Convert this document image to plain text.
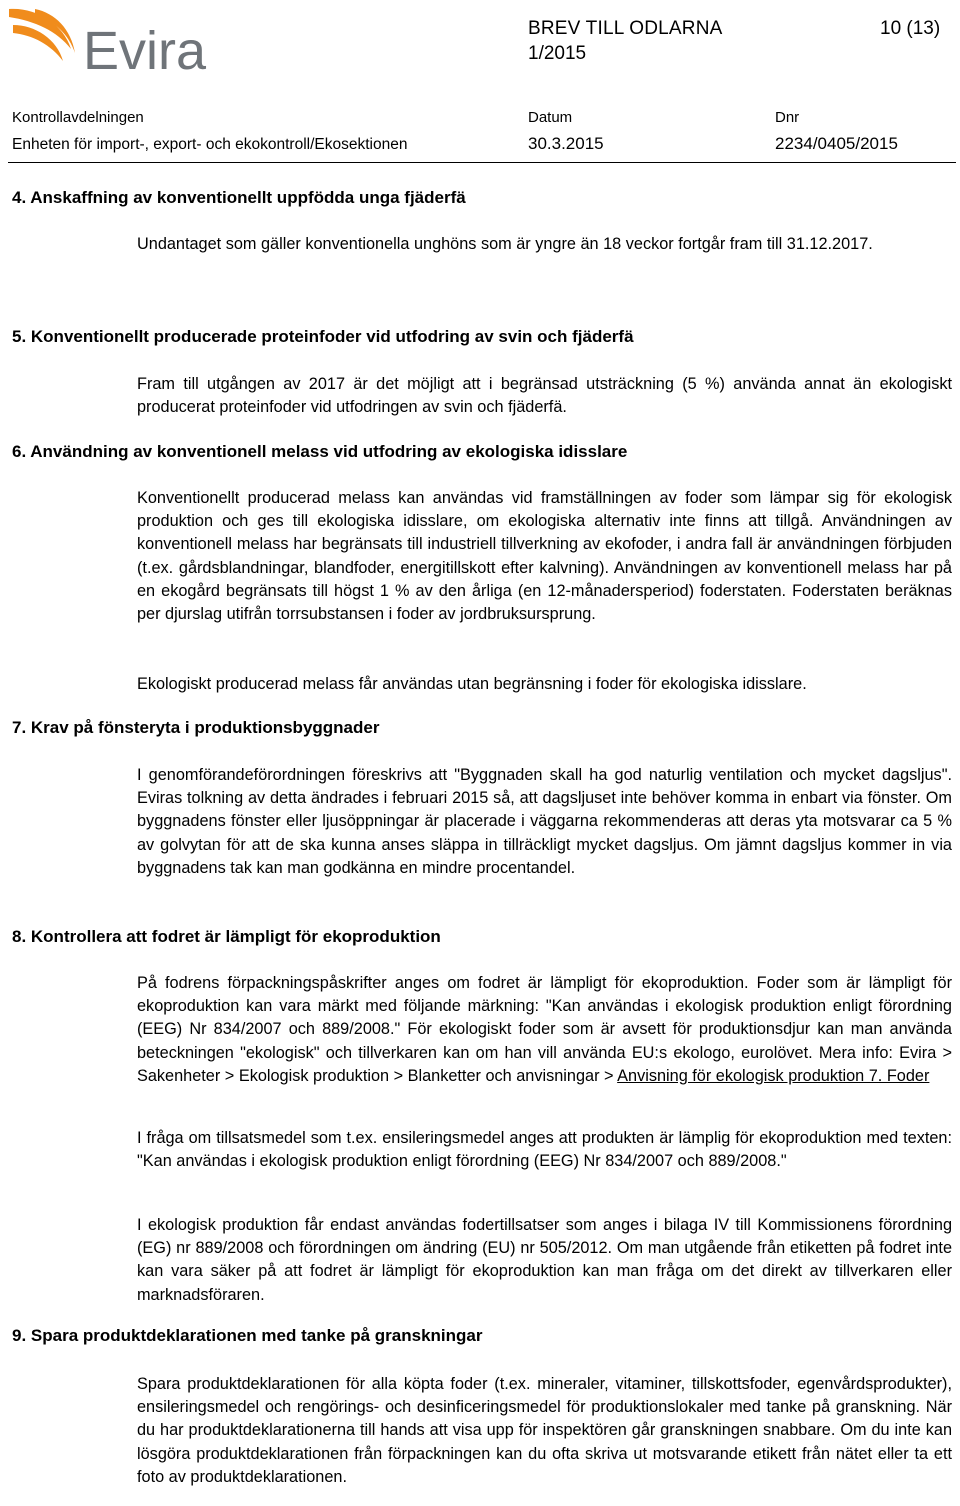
Evira	BREV TILL ODLARNA	10 (13)
1/2015
Kontrollavdelningen	Datum	Dnr
Enheten för import-, export- och ekokontroll/Ekosektionen	30.3.2015	2234/0405/2015
4. Anskaffning av konventionellt uppfödda unga fjäderfä

Undantaget som gäller konventionella unghöns som är yngre än 18 veckor fortgår fram till 31.12.2017.

5. Konventionellt producerade proteinfoder vid utfodring av svin och fjäderfä

Fram till utgången av 2017 är det möjligt att i begränsad utsträckning (5 %) använda annat än ekologiskt producerat proteinfoder vid utfodringen av svin och fjäderfä.

6. Användning av konventionell melass vid utfodring av ekologiska idisslare

Konventionellt producerad melass kan användas vid framställningen av foder som lämpar sig för ekologisk produktion och ges till ekologiska idisslare, om ekologiska alternativ inte finns att tillgå. Användningen av konventionell melass har begränsats till industriell tillverkning av ekofoder, i andra fall är användningen förbjuden (t.ex. gårdsblandningar, blandfoder, energitillskott efter kalvning). Användningen av konventionell melass har på en ekogård begränsats till högst 1 % av den årliga (en 12-månadersperiod) foderstaten. Foderstaten beräknas per djurslag utifrån torrsubstansen i foder av jordbruksursprung.

Ekologiskt producerad melass får användas utan begränsning i foder för ekologiska idisslare.

7. Krav på fönsteryta i produktionsbyggnader

I genomförandeförordningen föreskrivs att "Byggnaden skall ha god naturlig ventilation och mycket dagsljus". Eviras tolkning av detta ändrades i februari 2015 så, att dagsljuset inte behöver komma in enbart via fönster. Om byggnadens fönster eller ljusöppningar är placerade i väggarna rekommenderas att deras yta motsvarar ca 5 % av golvytan för att de ska kunna anses släppa in tillräckligt mycket dagsljus. Om jämnt dagsljus kommer in via byggnadens tak kan man godkänna en mindre procentandel.

8. Kontrollera att fodret är lämpligt för ekoproduktion

På fodrens förpackningspåskrifter anges om fodret är lämpligt för ekoproduktion. Foder som är lämpligt för ekoproduktion kan vara märkt med följande märkning: "Kan användas i ekologisk produktion enligt förordning (EEG) Nr 834/2007 och 889/2008." För ekologiskt foder som är avsett för produktionsdjur kan man använda beteckningen "ekologisk" och tillverkaren kan om han vill använda EU:s ekologo, eurolövet. Mera info: Evira > Sakenheter > Ekologisk produktion > Blanketter och anvisningar > Anvisning för ekologisk produktion 7. Foder

I fråga om tillsatsmedel som t.ex. ensileringsmedel anges att produkten är lämplig för ekoproduktion med texten: "Kan användas i ekologisk produktion enligt förordning (EEG) Nr 834/2007 och 889/2008."

I ekologisk produktion får endast användas fodertillsatser som anges i bilaga IV till Kommissionens förordning (EG) nr 889/2008 och förordningen om ändring (EU) nr 505/2012. Om man utgående från etiketten på fodret inte kan vara säker på att fodret är lämpligt för ekoproduktion kan man fråga om det direkt av tillverkaren eller marknadsföraren.

9. Spara produktdeklarationen med tanke på granskningar

Spara produktdeklarationen för alla köpta foder (t.ex. mineraler, vitaminer, tillskottsfoder, egenvårdsprodukter), ensileringsmedel och rengörings- och desinficeringsmedel för produktionslokaler med tanke på granskning. När du har produktdeklarationerna till hands att visa upp för inspektören går granskningen snabbare. Om du inte kan lösgöra produktdeklarationen från förpackningen kan du ofta skriva ut motsvarande etikett från nätet eller ta ett foto av produktdeklarationen.
